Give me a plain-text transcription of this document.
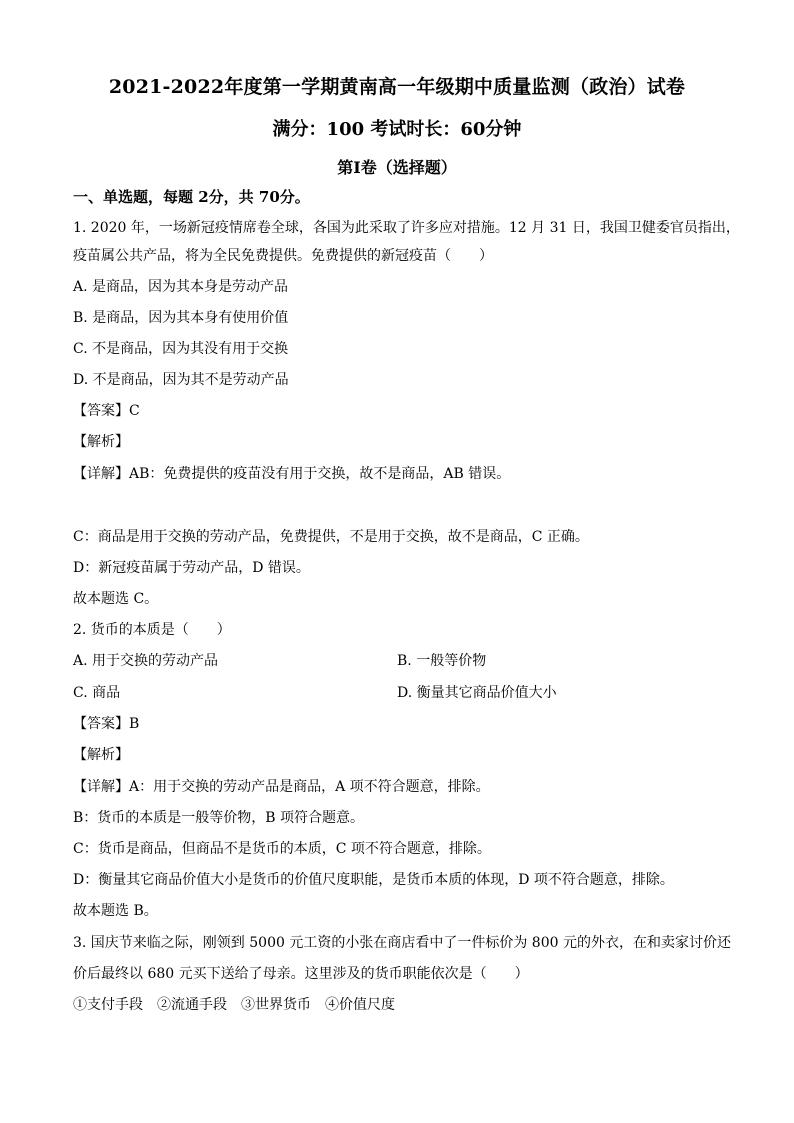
2021-2022年度第一学期黄南高一年级期中质量监测（政治）试卷
满分：100 考试时长：60分钟
第Ⅰ卷（选择题）
一、单选题，每题 2分，共 70分。
1. 2020 年，一场新冠疫情席卷全球，各国为此采取了许多应对措施。12 月 31 日，我国卫健委官员指出，
疫苗属公共产品，将为全民免费提供。免费提供的新冠疫苗（　　）
A. 是商品，因为其本身是劳动产品
B. 是商品，因为其本身有使用价值
C. 不是商品，因为其没有用于交换
D. 不是商品，因为其不是劳动产品
【答案】C
【解析】
【详解】AB：免费提供的疫苗没有用于交换，故不是商品，AB 错误。
C：商品是用于交换的劳动产品，免费提供，不是用于交换，故不是商品，C 正确。
D：新冠疫苗属于劳动产品，D 错误。
故本题选 C。
2. 货币的本质是（　　）
A. 用于交换的劳动产品	B. 一般等价物
C. 商品	D. 衡量其它商品价值大小
【答案】B
【解析】
【详解】A：用于交换的劳动产品是商品，A 项不符合题意，排除。
B：货币的本质是一般等价物，B 项符合题意。
C：货币是商品，但商品不是货币的本质，C 项不符合题意，排除。
D：衡量其它商品价值大小是货币的价值尺度职能，是货币本质的体现，D 项不符合题意，排除。
故本题选 B。
3. 国庆节来临之际，刚领到 5000 元工资的小张在商店看中了一件标价为 800 元的外衣，在和卖家讨价还
价后最终以 680 元买下送给了母亲。这里涉及的货币职能依次是（　　）
①支付手段　②流通手段　③世界货币　④价值尺度
